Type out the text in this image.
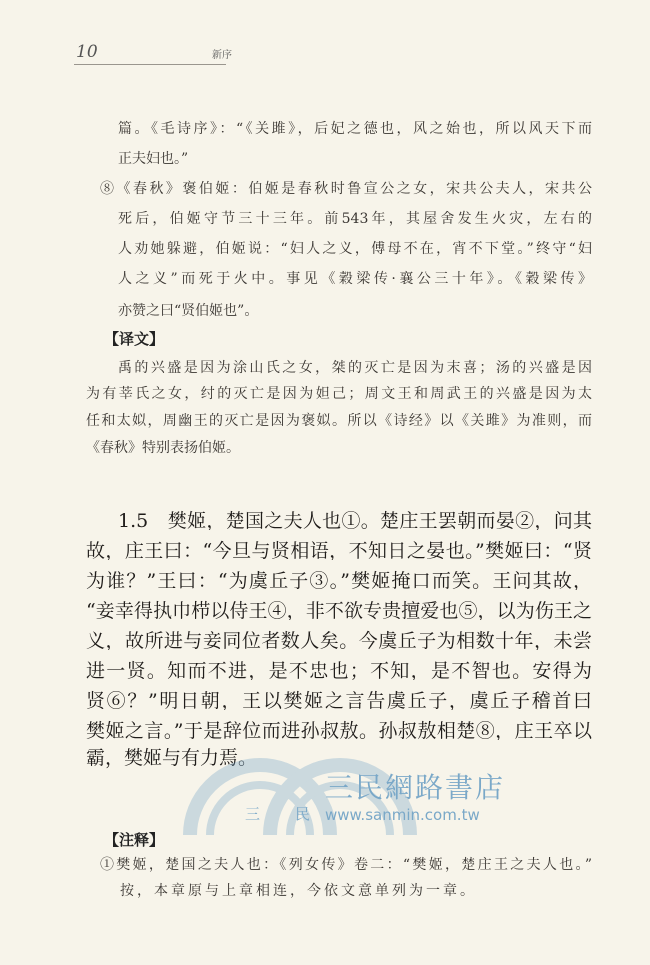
10	新序
篇。《毛诗序》：“《关雎》，后妃之德也，风之始也，所以风天下而
正夫妇也。”
⑧《春秋》褒伯姬：伯姬是春秋时鲁宣公之女，宋共公夫人，宋共公
死后，伯姬守节三十三年。前543年，其屋舍发生火灾，左右的
人劝她躲避，伯姬说：“妇人之义，傅母不在，宵不下堂。”终守“妇
人之义”而死于火中。事见《穀梁传·襄公三十年》。《穀梁传》
亦赞之曰“贤伯姬也”。
【译文】
禹的兴盛是因为涂山氏之女，桀的灭亡是因为末喜；汤的兴盛是因
为有莘氏之女，纣的灭亡是因为妲己；周文王和周武王的兴盛是因为太
任和太姒，周幽王的灭亡是因为褒姒。所以《诗经》以《关雎》为准则，而
《春秋》特别表扬伯姬。
1.5　樊姬，楚国之夫人也①。楚庄王罢朝而晏②，问其
故，庄王曰：“今旦与贤相语，不知日之晏也。”樊姬曰：“贤
为谁？”王曰：“为虞丘子③。”樊姬掩口而笑。王问其故，
“妾幸得执巾栉以侍王④，非不欲专贵擅爱也⑤，以为伤王之
义，故所进与妾同位者数人矣。今虞丘子为相数十年，未尝
进一贤。知而不进，是不忠也；不知，是不智也。安得为
贤⑥？”明日朝，王以樊姬之言告虞丘子，虞丘子稽首曰
樊姬之言。”于是辞位而进孙叔敖。孙叔敖相楚⑧，庄王卒以
霸，樊姬与有力焉。
三 民
三民網路書店
www.sanmin.com.tw
【注释】
①樊姬，楚国之夫人也：《列女传》卷二：“樊姬，楚庄王之夫人也。”
按，本章原与上章相连，今依文意单列为一章。
